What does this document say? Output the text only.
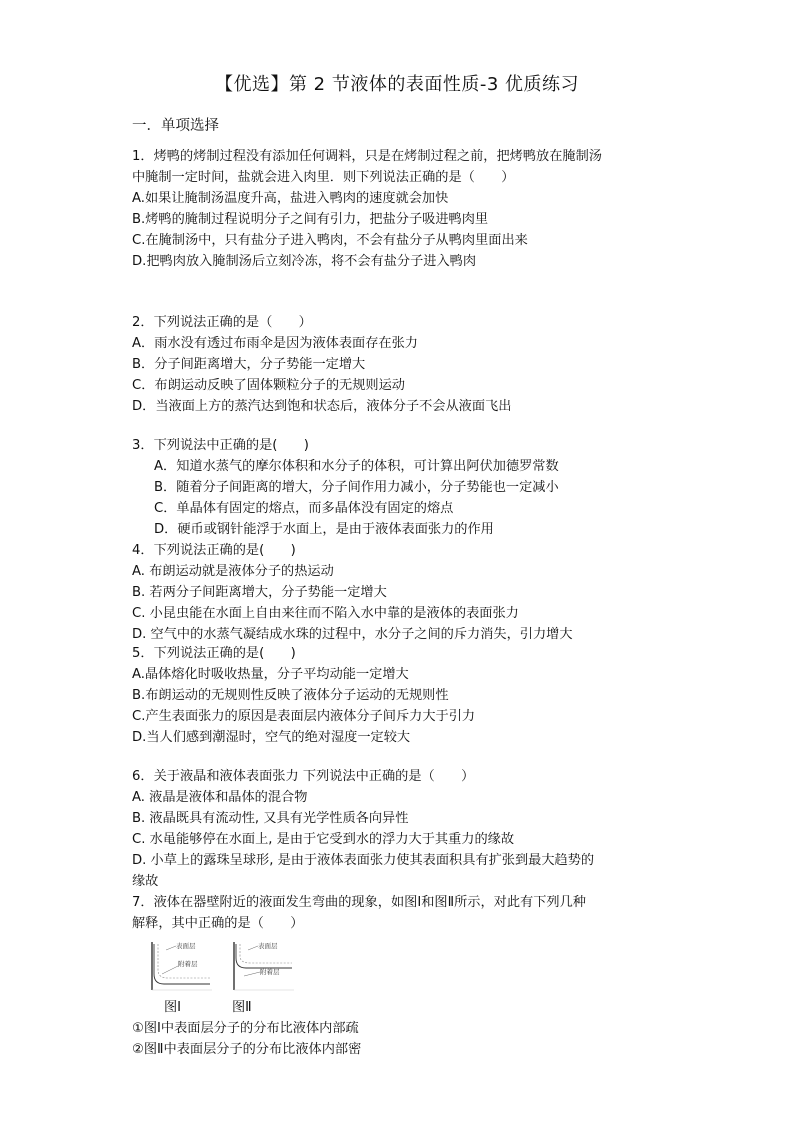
【优选】第 2 节液体的表面性质-3 优质练习
一．单项选择
1．烤鸭的烤制过程没有添加任何调料，只是在烤制过程之前，把烤鸭放在腌制汤
中腌制一定时间，盐就会进入肉里．则下列说法正确的是（　　）
A.如果让腌制汤温度升高，盐进入鸭肉的速度就会加快
B.烤鸭的腌制过程说明分子之间有引力，把盐分子吸进鸭肉里
C.在腌制汤中，只有盐分子进入鸭肉，不会有盐分子从鸭肉里面出来
D.把鸭肉放入腌制汤后立刻冷冻，将不会有盐分子进入鸭肉
2．下列说法正确的是（　　）
A．雨水没有透过布雨伞是因为液体表面存在张力
B．分子间距离增大，分子势能一定增大
C．布朗运动反映了固体颗粒分子的无规则运动
D．当液面上方的蒸汽达到饱和状态后，液体分子不会从液面飞出
3．下列说法中正确的是(　　)
A．知道水蒸气的摩尔体积和水分子的体积，可计算出阿伏加德罗常数
B．随着分子间距离的增大，分子间作用力减小，分子势能也一定减小
C．单晶体有固定的熔点，而多晶体没有固定的熔点
D．硬币或钢针能浮于水面上，是由于液体表面张力的作用
4．下列说法正确的是(　　)
A. 布朗运动就是液体分子的热运动
B. 若两分子间距离增大，分子势能一定增大
C. 小昆虫能在水面上自由来往而不陷入水中靠的是液体的表面张力
D. 空气中的水蒸气凝结成水珠的过程中，水分子之间的斥力消失，引力增大
5．下列说法正确的是(　　)
A.晶体熔化时吸收热量，分子平均动能一定增大
B.布朗运动的无规则性反映了液体分子运动的无规则性
C.产生表面张力的原因是表面层内液体分子间斥力大于引力
D.当人们感到潮湿时，空气的绝对湿度一定较大
6．关于液晶和液体表面张力 下列说法中正确的是（　　）
A. 液晶是液体和晶体的混合物
B. 液晶既具有流动性, 又具有光学性质各向异性
C. 水黾能够停在水面上, 是由于它受到水的浮力大于其重力的缘故
D. 小草上的露珠呈球形, 是由于液体表面张力使其表面积具有扩张到最大趋势的
缘故
7．液体在器壁附近的液面发生弯曲的现象，如图Ⅰ和图Ⅱ所示，对此有下列几种
解释，其中正确的是（　　）
表面层
附着层
表面层
附着层
图Ⅰ	图Ⅱ
①图Ⅰ中表面层分子的分布比液体内部疏
②图Ⅱ中表面层分子的分布比液体内部密
